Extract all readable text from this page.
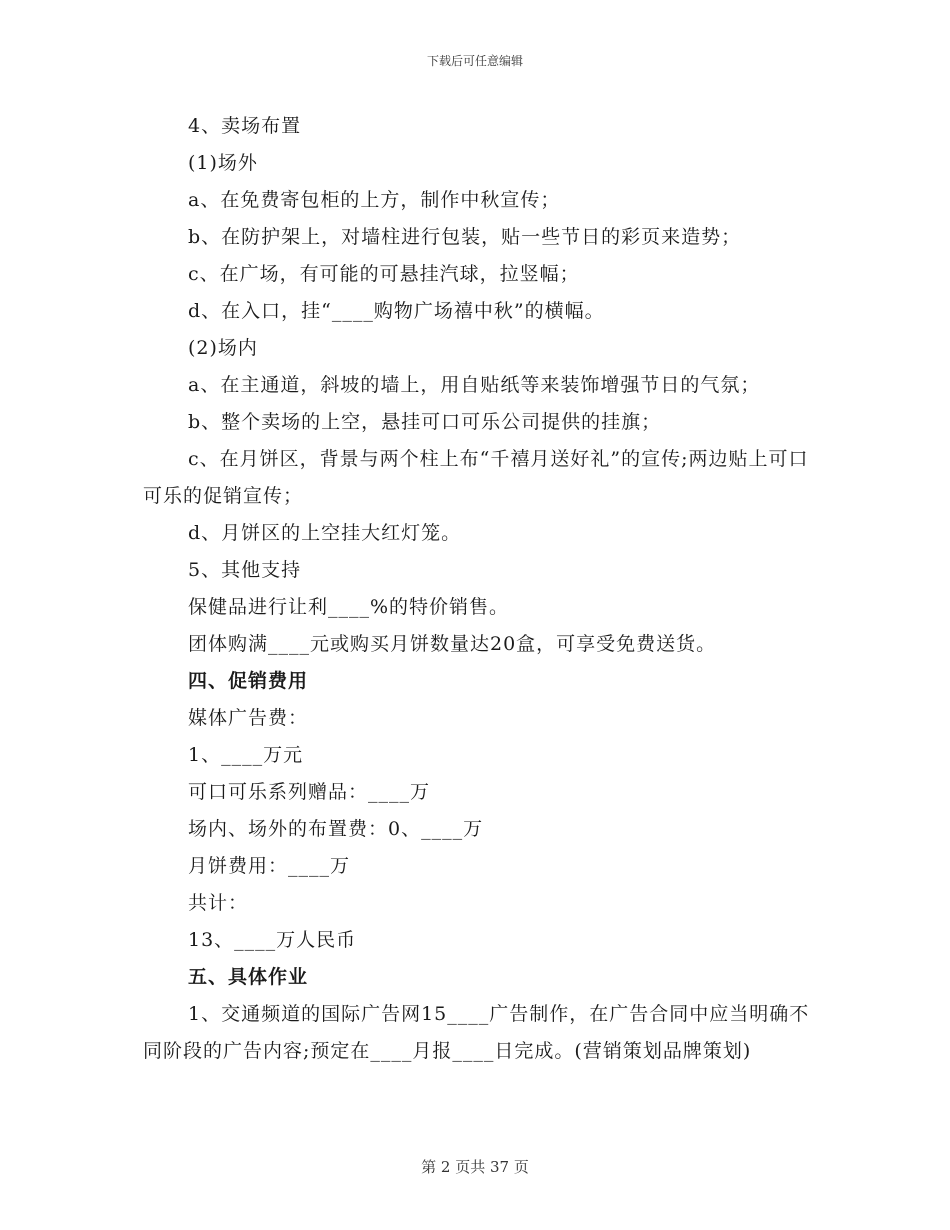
下载后可任意编辑
4、卖场布置
(1)场外
a、在免费寄包柜的上方，制作中秋宣传；
b、在防护架上，对墙柱进行包装，贴一些节日的彩页来造势；
c、在广场，有可能的可悬挂汽球，拉竖幅；
d、在入口，挂“____购物广场禧中秋”的横幅。
(2)场内
a、在主通道，斜坡的墙上，用自贴纸等来装饰增强节日的气氛；
b、整个卖场的上空，悬挂可口可乐公司提供的挂旗；
c、在月饼区，背景与两个柱上布“千禧月送好礼”的宣传;两边贴上可口可乐的促销宣传；
d、月饼区的上空挂大红灯笼。
5、其他支持
保健品进行让利____%的特价销售。
团体购满____元或购买月饼数量达20盒，可享受免费送货。
四、促销费用
媒体广告费：
1、____万元
可口可乐系列赠品：____万
场内、场外的布置费：0、____万
月饼费用：____万
共计：
13、____万人民币
五、具体作业
1、交通频道的国际广告网15____广告制作，在广告合同中应当明确不同阶段的广告内容;预定在____月报____日完成。(营销策划品牌策划)
第 2 页共 37 页
